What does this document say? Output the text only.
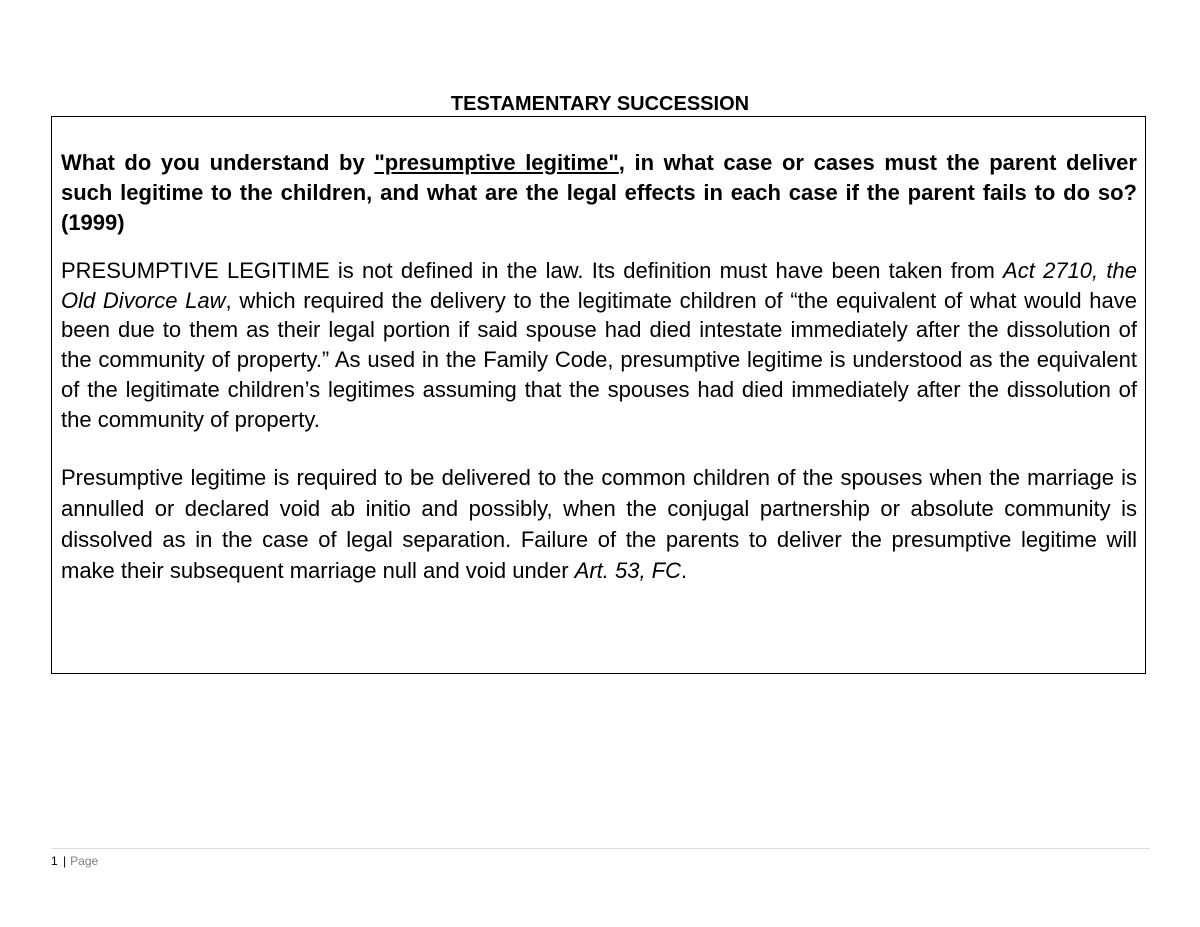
TESTAMENTARY SUCCESSION

What do you understand by "presumptive legitime", in what case or cases must the parent deliver such legitime to the children, and what are the legal effects in each case if the parent fails to do so? (1999)

PRESUMPTIVE LEGITIME is not defined in the law. Its definition must have been taken from Act 2710, the Old Divorce Law, which required the delivery to the legitimate children of “the equivalent of what would have been due to them as their legal portion if said spouse had died intestate immediately after the dissolution of the community of property.” As used in the Family Code, presumptive legitime is understood as the equivalent of the legitimate children’s legitimes assuming that the spouses had died immediately after the dissolution of the community of property.

Presumptive legitime is required to be delivered to the common children of the spouses when the marriage is annulled or declared void ab initio and possibly, when the conjugal partnership or absolute community is dissolved as in the case of legal separation. Failure of the parents to deliver the presumptive legitime will make their subsequent marriage null and void under Art. 53, FC.

1 | Page
